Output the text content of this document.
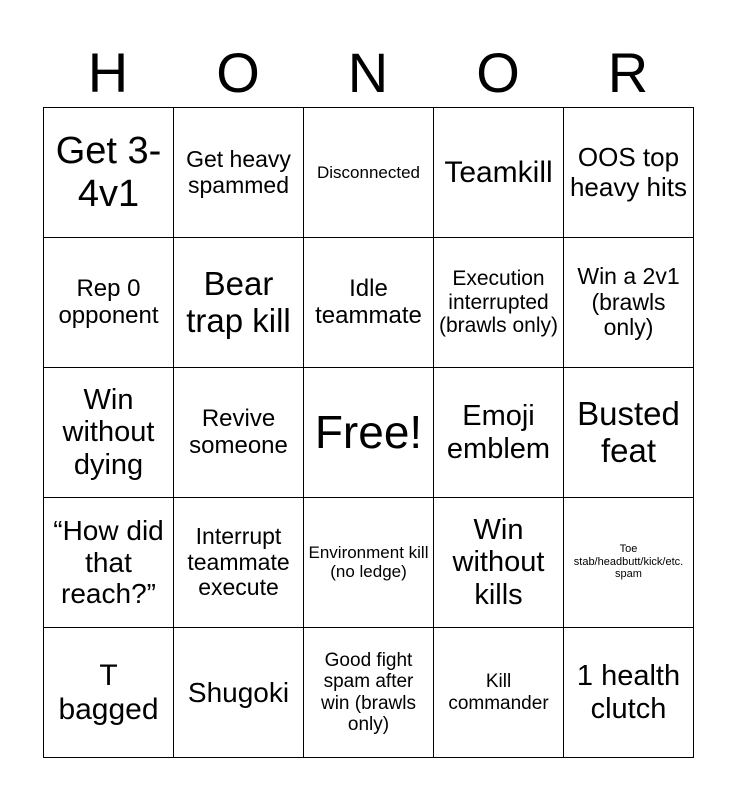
H	O	N	O	R
Get 3-4v1	Get heavy spammed	Disconnected	Teamkill	OOS top heavy hits
Rep 0 opponent	Bear trap kill	Idle teammate	Execution interrupted (brawls only)	Win a 2v1 (brawls only)
Win without dying	Revive someone	Free!	Emoji emblem	Busted feat
“How did that reach?”	Interrupt teammate execute	Environment kill (no ledge)	Win without kills	Toe stab/headbutt/kick/etc. spam
T bagged	Shugoki	Good fight spam after win (brawls only)	Kill commander	1 health clutch
